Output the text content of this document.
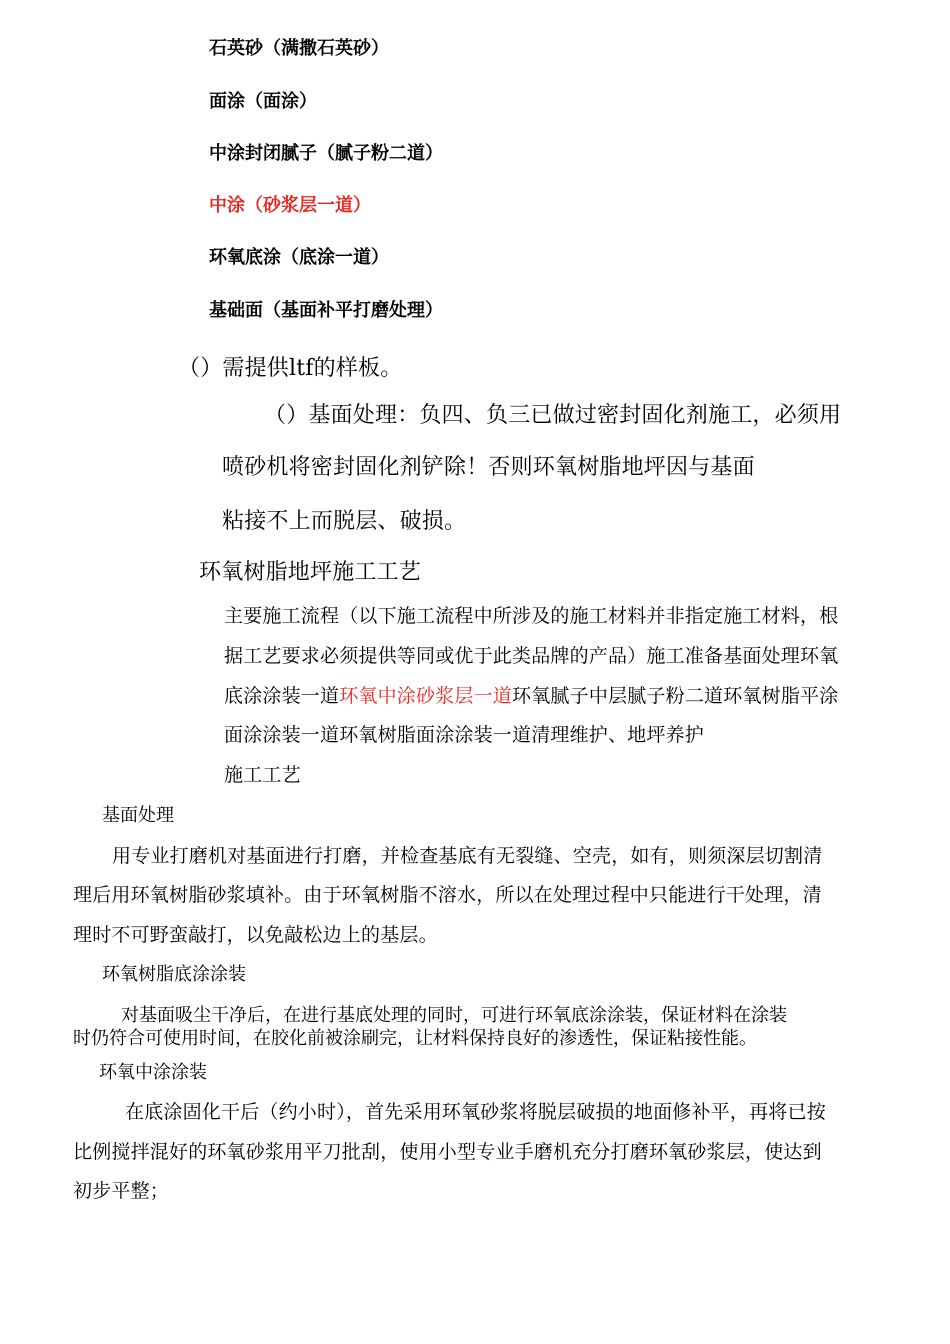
石英砂（满撒石英砂）
面涂（面涂）
中涂封闭腻子（腻子粉二道）
中涂（砂浆层一道）
环氧底涂（底涂一道）
基础面（基面补平打磨处理）
（）需提供ltf的样板。
（）基面处理：负四、负三已做过密封固化剂施工，必须用
喷砂机将密封固化剂铲除！否则环氧树脂地坪因与基面
粘接不上而脱层、破损。
环氧树脂地坪施工工艺
主要施工流程（以下施工流程中所涉及的施工材料并非指定施工材料，根
据工艺要求必须提供等同或优于此类品牌的产品）施工准备基面处理环氧
底涂涂装一道环氧中涂砂浆层一道环氧腻子中层腻子粉二道环氧树脂平涂
面涂涂装一道环氧树脂面涂涂装一道清理维护、地坪养护
施工工艺
基面处理
用专业打磨机对基面进行打磨，并检查基底有无裂缝、空壳，如有，则须深层切割清
理后用环氧树脂砂浆填补。由于环氧树脂不溶水，所以在处理过程中只能进行干处理，清
理时不可野蛮敲打，以免敲松边上的基层。
环氧树脂底涂涂装
对基面吸尘干净后，在进行基底处理的同时，可进行环氧底涂涂装，保证材料在涂装
时仍符合可使用时间，在胶化前被涂刷完，让材料保持良好的渗透性，保证粘接性能。
环氧中涂涂装
在底涂固化干后（约小时），首先采用环氧砂浆将脱层破损的地面修补平，再将已按
比例搅拌混好的环氧砂浆用平刀批刮，使用小型专业手磨机充分打磨环氧砂浆层，使达到
初步平整；
